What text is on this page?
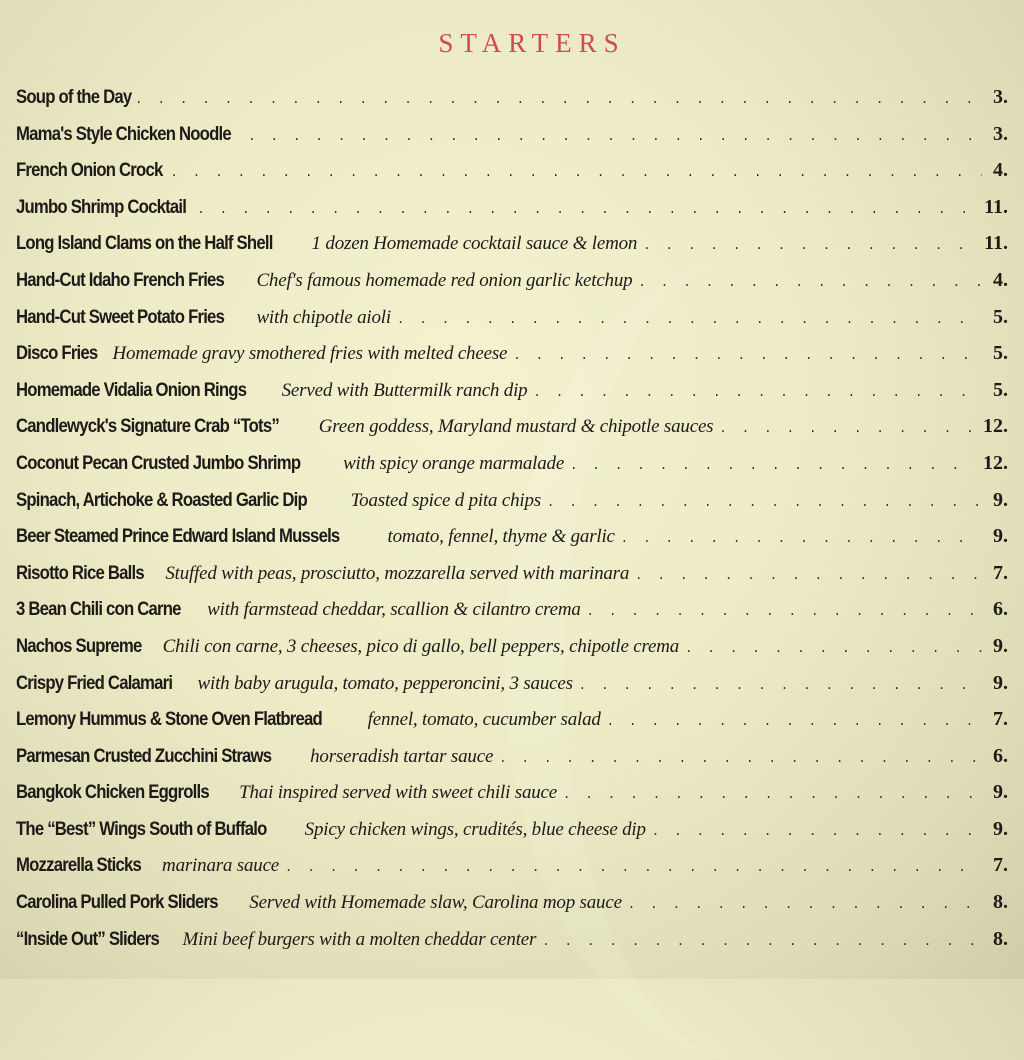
STARTERS
Soup of the Day . . .	3.
Mama's Style Chicken Noodle . . .	3.
French Onion Crock . . .	4.
Jumbo Shrimp Cocktail . . .	11.
Long Island Clams on the Half Shell 1 dozen Homemade cocktail sauce & lemon . . .	11.
Hand-Cut Idaho French Fries Chef's famous homemade red onion garlic ketchup . . .	4.
Hand-Cut Sweet Potato Fries with chipotle aioli . . .	5.
Disco Fries Homemade gravy smothered fries with melted cheese . . .	5.
Homemade Vidalia Onion Rings Served with Buttermilk ranch dip . . .	5.
Candlewyck's Signature Crab “Tots” Green goddess, Maryland mustard & chipotle sauces . . .	12.
Coconut Pecan Crusted Jumbo Shrimp with spicy orange marmalade . . .	12.
Spinach, Artichoke & Roasted Garlic Dip Toasted spice d pita chips . . .	9.
Beer Steamed Prince Edward Island Mussels	tomato, fennel, thyme & garlic . . .	9.
Risotto Rice Balls Stuffed with peas, prosciutto, mozzarella served with marinara . . .	7.
3 Bean Chili con Carne with farmstead cheddar, scallion & cilantro crema . . .	6.
Nachos Supreme Chili con carne, 3 cheeses, pico di gallo, bell peppers, chipotle crema . . .	9.
Crispy Fried Calamari with baby arugula, tomato, pepperoncini, 3 sauces . . .	9.
Lemony Hummus & Stone Oven Flatbread fennel, tomato, cucumber salad . . .	7.
Parmesan Crusted Zucchini Straws horseradish tartar sauce . . .	6.
Bangkok Chicken Eggrolls Thai inspired served with sweet chili sauce . . .	9.
The “Best” Wings South of Buffalo Spicy chicken wings, crudités, blue cheese dip . . .	9.
Mozzarella Sticks marinara sauce . . .	7.
Carolina Pulled Pork Sliders Served with Homemade slaw, Carolina mop sauce . . .	8.
“Inside Out” Sliders Mini beef burgers with a molten cheddar center . . .	8.
